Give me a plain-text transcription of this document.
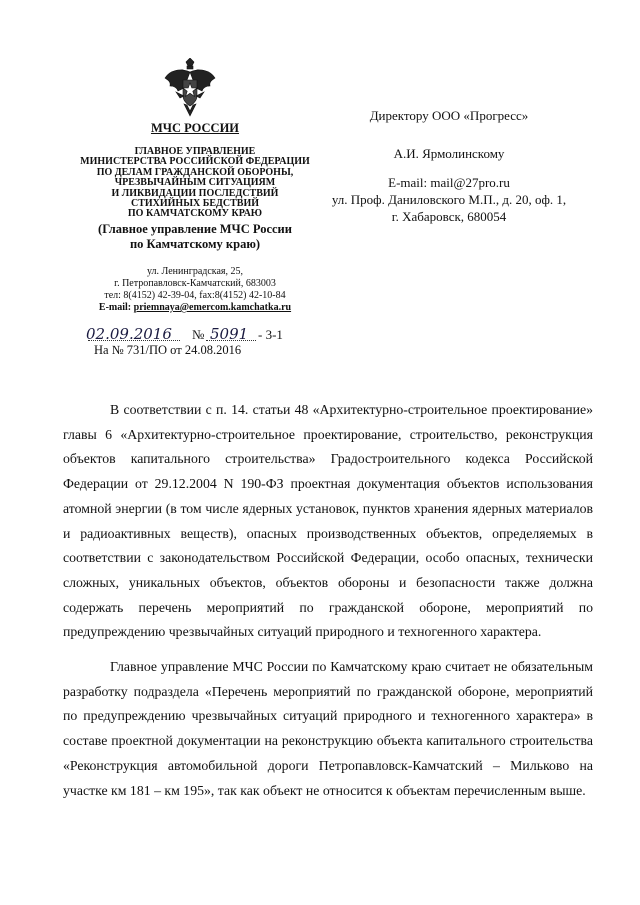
МЧС РОССИИ
ГЛАВНОЕ УПРАВЛЕНИЕ
МИНИСТЕРСТВА РОССИЙСКОЙ ФЕДЕРАЦИИ
ПО ДЕЛАМ ГРАЖДАНСКОЙ ОБОРОНЫ,
ЧРЕЗВЫЧАЙНЫМ СИТУАЦИЯМ
И ЛИКВИДАЦИИ ПОСЛЕДСТВИЙ
СТИХИЙНЫХ БЕДСТВИЙ
ПО КАМЧАТСКОМУ КРАЮ
(Главное управление МЧС России
по Камчатскому краю)
ул. Ленинградская, 25,
г. Петропавловск-Камчатский, 683003
тел: 8(4152) 42-39-04, fax:8(4152) 42-10-84
E-mail: priemnaya@emercom.kamchatka.ru
02.09.2016 № 5091 - 3-1
На № 731/ПО от 24.08.2016
Директору ООО «Прогресс»
А.И. Ярмолинскому
E-mail: mail@27pro.ru
ул. Проф. Даниловского М.П., д. 20, оф. 1,
г. Хабаровск, 680054

В соответствии с п. 14. статьи 48 «Архитектурно-строительное проектирование» главы 6 «Архитектурно-строительное проектирование, строительство, реконструкция объектов капитального строительства» Градостроительного кодекса Российской Федерации от 29.12.2004 N 190-ФЗ проектная документация объектов использования атомной энергии (в том числе ядерных установок, пунктов хранения ядерных материалов и радиоактивных веществ), опасных производственных объектов, определяемых в соответствии с законодательством Российской Федерации, особо опасных, технически сложных, уникальных объектов, объектов обороны и безопасности также должна содержать перечень мероприятий по гражданской обороне, мероприятий по предупреждению чрезвычайных ситуаций природного и техногенного характера.

Главное управление МЧС России по Камчатскому краю считает не обязательным разработку подраздела «Перечень мероприятий по гражданской обороне, мероприятий по предупреждению чрезвычайных ситуаций природного и техногенного характера» в составе проектной документации на реконструкцию объекта капитального строительства «Реконструкция автомобильной дороги Петропавловск-Камчатский – Мильково на участке км 181 – км 195», так как объект не относится к объектам перечисленным выше.
